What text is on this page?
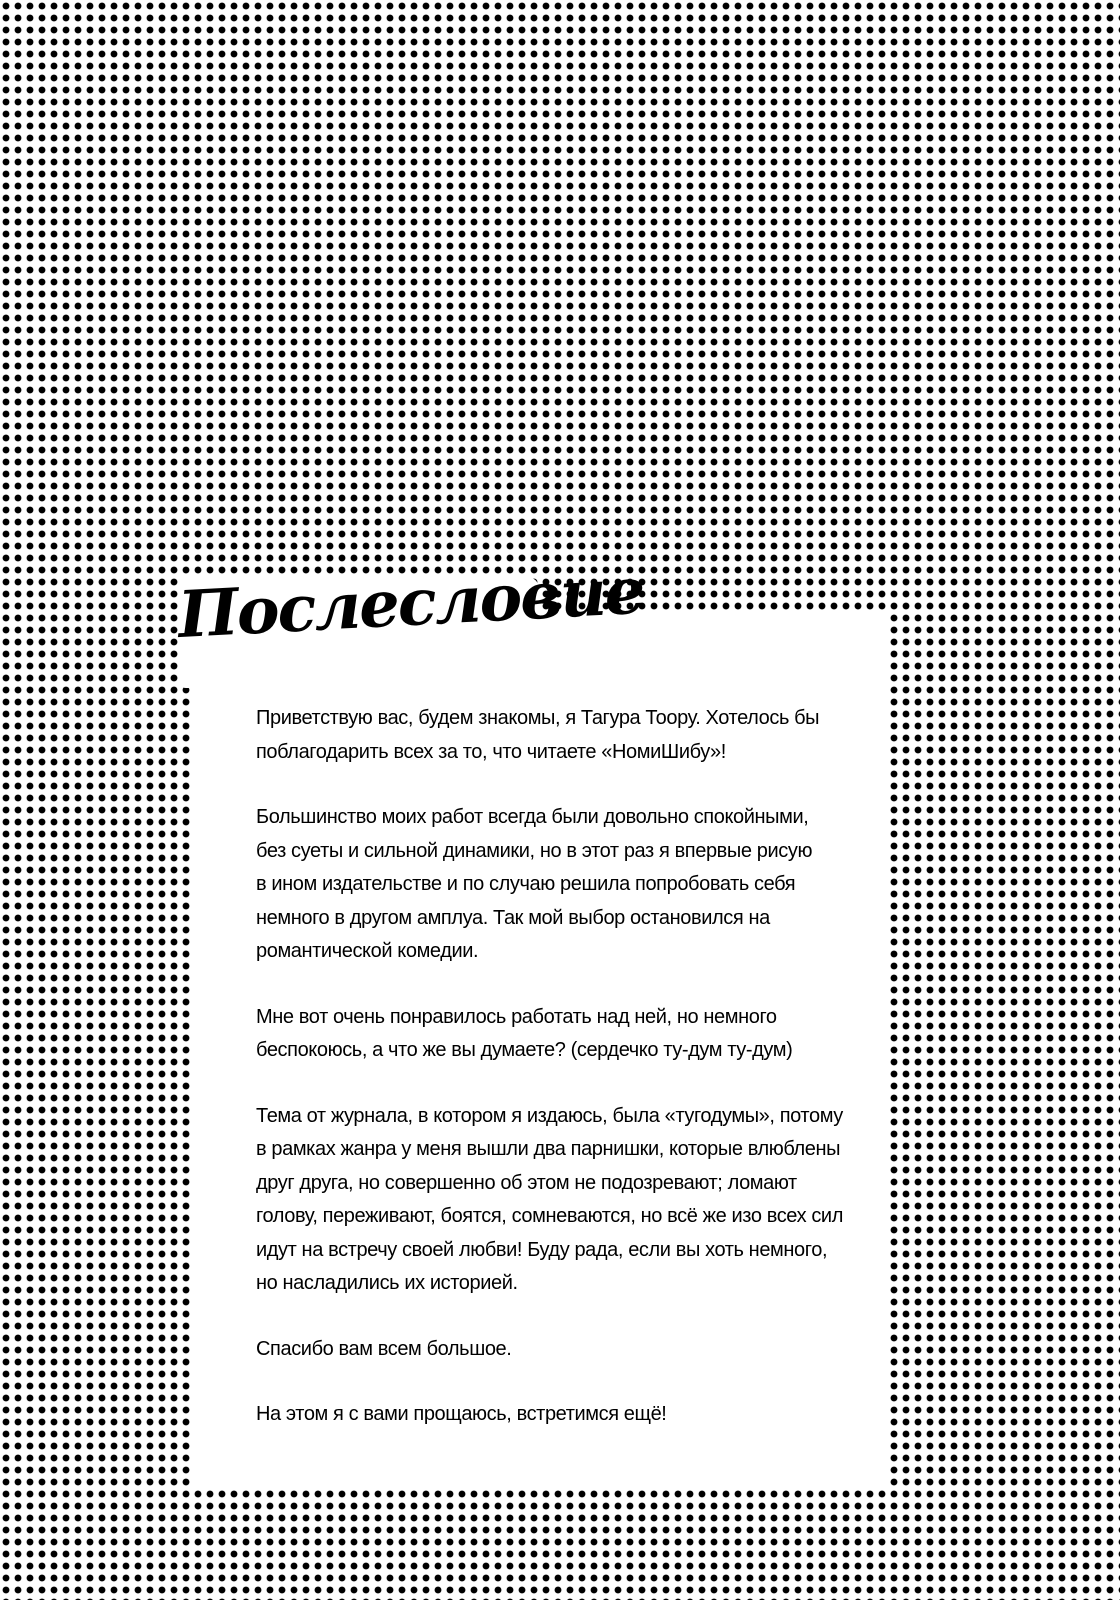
Послесловие

Приветствую вас, будем знакомы, я Тагура Тоору. Хотелось бы
поблагодарить всех за то, что читаете «НомиШибу»!

Большинство моих работ всегда были довольно спокойными,
без суеты и сильной динамики, но в этот раз я впервые рисую
в ином издательстве и по случаю решила попробовать себя
немного в другом амплуа. Так мой выбор остановился на
романтической комедии.

Мне вот очень понравилось работать над ней, но немного
беспокоюсь, а что же вы думаете? (сердечко ту-дум ту-дум)

Тема от журнала, в котором я издаюсь, была «тугодумы», потому
в рамках жанра у меня вышли два парнишки, которые влюблены
друг друга, но совершенно об этом не подозревают; ломают
голову, переживают, боятся, сомневаются, но всё же изо всех сил
идут на встречу своей любви! Буду рада, если вы хоть немного,
но насладились их историей.

Спасибо вам всем большое.

На этом я с вами прощаюсь, встретимся ещё!
